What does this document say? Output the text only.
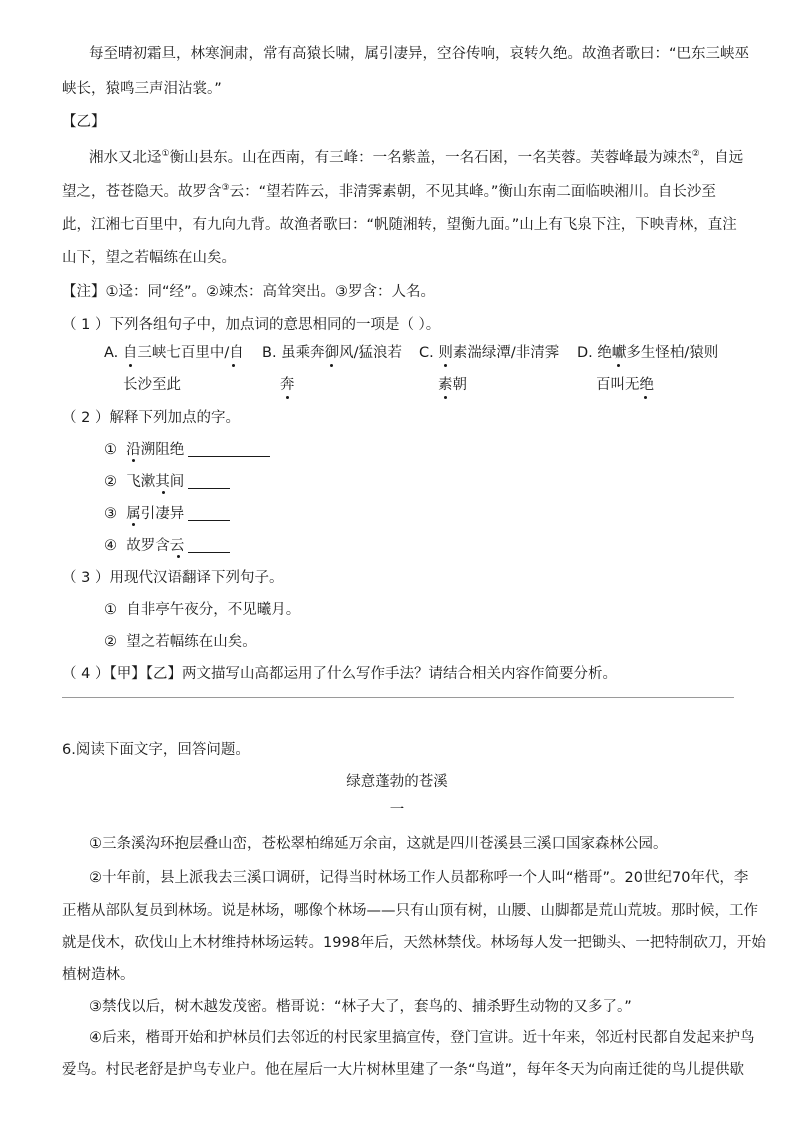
每至晴初霜旦，林寒涧肃，常有高猿长啸，属引凄异，空谷传响，哀转久绝。故渔者歌曰：“巴东三峡巫
峡长，猿鸣三声泪沾裳。”
【乙】
湘水又北迳①衡山县东。山在西南，有三峰：一名紫盖，一名石囷，一名芙蓉。芙蓉峰最为竦杰②，自远
望之，苍苍隐天。故罗含③云：“望若阵云，非清霁素朝，不见其峰。”衡山东南二面临映湘川。自长沙至
此，江湘七百里中，有九向九背。故渔者歌曰：“帆随湘转，望衡九面。”山上有飞泉下注，下映青林，直注
山下，望之若幅练在山矣。
【注】①迳：同“经”。②竦杰：高耸突出。③罗含：人名。
（ 1 ）下列各组句子中，加点词的意思相同的一项是（ ）。
A. 自三峡七百里中/自
长沙至此
B. 虽乘奔御风/猛浪若
奔
C. 则素湍绿潭/非清霁
素朝
D. 绝巘多生怪柏/猿则
百叫无绝
（ 2 ）解释下列加点的字。
① 沿溯阻绝
② 飞漱其间
③ 属引凄异
④ 故罗含云
（ 3 ）用现代汉语翻译下列句子。
① 自非亭午夜分，不见曦月。
② 望之若幅练在山矣。
（ 4 ）【甲】【乙】两文描写山高都运用了什么写作手法？请结合相关内容作简要分析。
6.阅读下面文字，回答问题。
绿意蓬勃的苍溪
一
①三条溪沟环抱层叠山峦，苍松翠柏绵延万余亩，这就是四川苍溪县三溪口国家森林公园。
②十年前，县上派我去三溪口调研，记得当时林场工作人员都称呼一个人叫“楷哥”。20世纪70年代，李
正楷从部队复员到林场。说是林场，哪像个林场——只有山顶有树，山腰、山脚都是荒山荒坡。那时候，工作
就是伐木，砍伐山上木材维持林场运转。1998年后，天然林禁伐。林场每人发一把锄头、一把特制砍刀，开始
植树造林。
③禁伐以后，树木越发茂密。楷哥说：“林子大了，套鸟的、捕杀野生动物的又多了。”
④后来，楷哥开始和护林员们去邻近的村民家里搞宣传，登门宣讲。近十年来，邻近村民都自发起来护鸟
爱鸟。村民老舒是护鸟专业户。他在屋后一大片树林里建了一条“鸟道”，每年冬天为向南迁徙的鸟儿提供歇
